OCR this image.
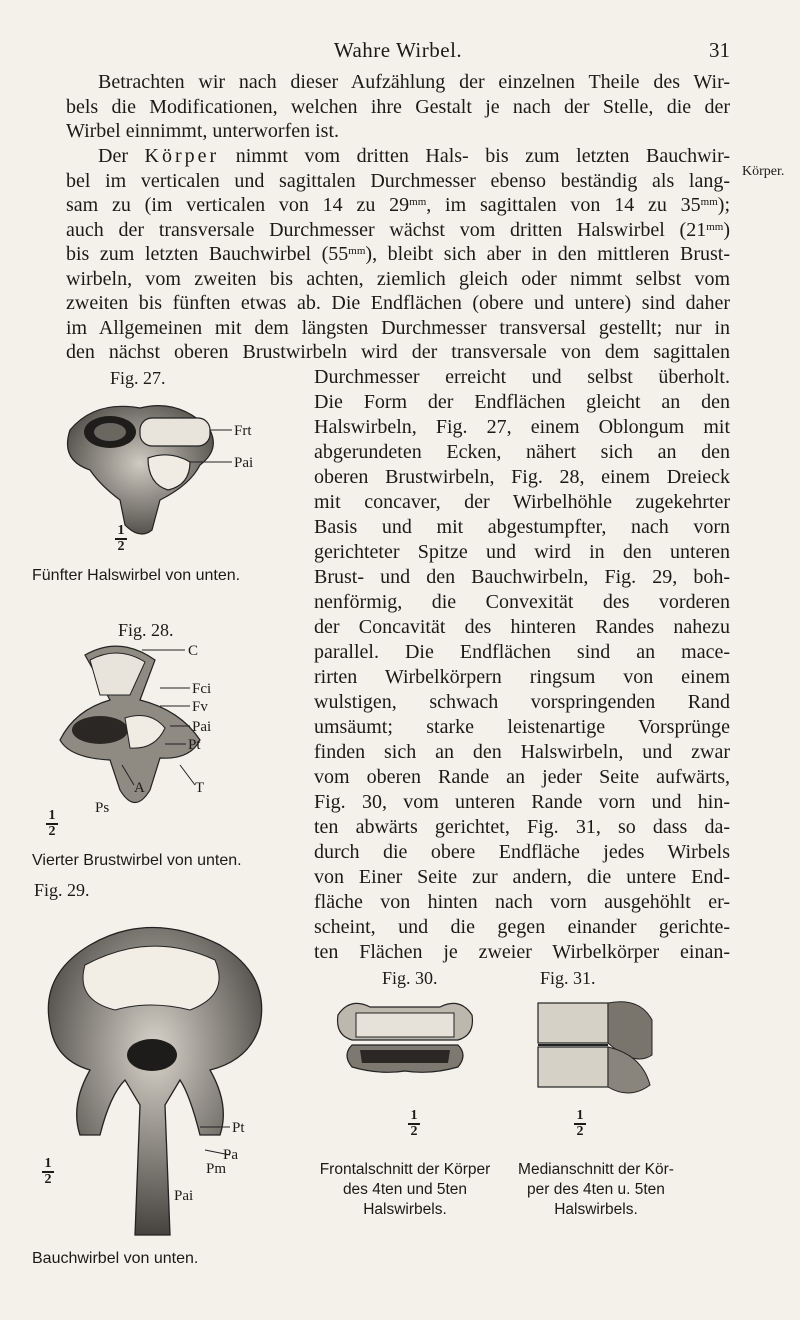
Wahre Wirbel.	31
Körper.
Betrachten wir nach dieser Aufzählung der einzelnen Theile des Wir-
bels die Modificationen, welchen ihre Gestalt je nach der Stelle, die der
Wirbel einnimmt, unterworfen ist.
Der Körper nimmt vom dritten Hals- bis zum letzten Bauchwir-
bel im verticalen und sagittalen Durchmesser ebenso beständig als lang-
sam zu (im verticalen von 14 zu $29^{mm}$, im sagittalen von 14 zu $35^{mm}$);
auch der transversale Durchmesser wächst vom dritten Halswirbel $(21^{mm})$
bis zum letzten Bauchwirbel $(55^{mm})$, bleibt sich aber in den mittleren Brust-
wirbeln, vom zweiten bis achten, ziemlich gleich oder nimmt selbst vom
zweiten bis fünften etwas ab. Die Endflächen (obere und untere) sind daher
im Allgemeinen mit dem längsten Durchmesser transversal gestellt; nur in
den nächst oberen Brustwirbeln wird der transversale von dem sagittalen
Durchmesser erreicht und selbst überholt.
Die Form der Endflächen gleicht an den
Halswirbeln, Fig. 27, einem Oblongum mit
abgerundeten Ecken, nähert sich an den
oberen Brustwirbeln, Fig. 28, einem Dreieck
mit concaver, der Wirbelhöhle zugekehrter
Basis und mit abgestumpfter, nach vorn
gerichteter Spitze und wird in den unteren
Brust- und den Bauchwirbeln, Fig. 29, boh-
nenförmig, die Convexität des vorderen
der Concavität des hinteren Randes nahezu
parallel. Die Endflächen sind an mace-
rirten Wirbelkörpern ringsum von einem
wulstigen, schwach vorspringenden Rand
umsäumt; starke leistenartige Vorsprünge
finden sich an den Halswirbeln, und zwar
vom oberen Rande an jeder Seite aufwärts,
Fig. 30, vom unteren Rande vorn und hin-
ten abwärts gerichtet, Fig. 31, so dass da-
durch die obere Endfläche jedes Wirbels
von Einer Seite zur andern, die untere End-
fläche von hinten nach vorn ausgehöhlt er-
scheint, und die gegen einander gerichte-
ten Flächen je zweier Wirbelkörper einan-
Fig. 27.
Frt
Pai
1
2
Fünfter Halswirbel von unten.
Fig. 28.
C
Fci
Fv
Pai
Pt
A	T
Ps
1
2
Vierter Brustwirbel von unten.
Fig. 29.
Pt
Pa
Pm
Pai
1
2
Bauchwirbel von unten.
Fig. 30.
1
2
Frontalschnitt der Körper
des 4ten und 5ten
Halswirbels.
Fig. 31.
1
2
Medianschnitt der Kör-
per des 4ten u. 5ten
Halswirbels.
